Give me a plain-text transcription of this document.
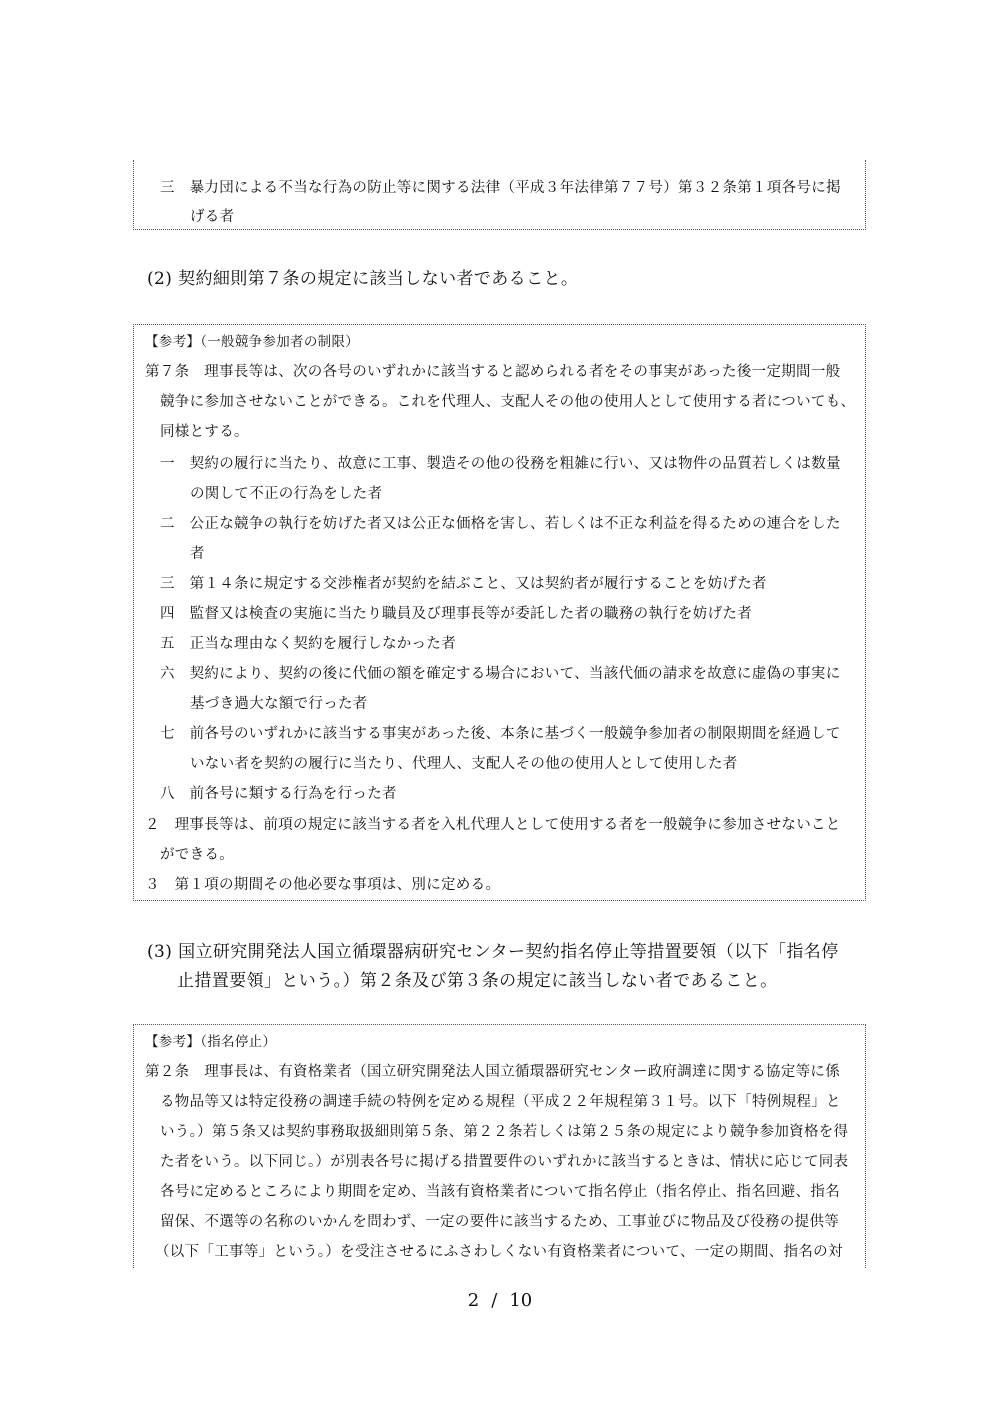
三　暴力団による不当な行為の防止等に関する法律（平成３年法律第７７号）第３２条第１項各号に掲
げる者
(2) 契約細則第７条の規定に該当しない者であること。
【参考】（一般競争参加者の制限）
第７条　理事長等は、次の各号のいずれかに該当すると認められる者をその事実があった後一定期間一般
競争に参加させないことができる。これを代理人、支配人その他の使用人として使用する者についても、
同様とする。
一　契約の履行に当たり、故意に工事、製造その他の役務を粗雑に行い、又は物件の品質若しくは数量
の関して不正の行為をした者
二　公正な競争の執行を妨げた者又は公正な価格を害し、若しくは不正な利益を得るための連合をした
者
三　第１４条に規定する交渉権者が契約を結ぶこと、又は契約者が履行することを妨げた者
四　監督又は検査の実施に当たり職員及び理事長等が委託した者の職務の執行を妨げた者
五　正当な理由なく契約を履行しなかった者
六　契約により、契約の後に代価の額を確定する場合において、当該代価の請求を故意に虚偽の事実に
基づき過大な額で行った者
七　前各号のいずれかに該当する事実があった後、本条に基づく一般競争参加者の制限期間を経過して
いない者を契約の履行に当たり、代理人、支配人その他の使用人として使用した者
八　前各号に類する行為を行った者
２　理事長等は、前項の規定に該当する者を入札代理人として使用する者を一般競争に参加させないこと
ができる。
３　第１項の期間その他必要な事項は、別に定める。
(3) 国立研究開発法人国立循環器病研究センター契約指名停止等措置要領（以下「指名停
止措置要領」という。）第２条及び第３条の規定に該当しない者であること。
【参考】（指名停止）
第２条　理事長は、有資格業者（国立研究開発法人国立循環器研究センター政府調達に関する協定等に係
る物品等又は特定役務の調達手続の特例を定める規程（平成２２年規程第３１号。以下「特例規程」と
いう。）第５条又は契約事務取扱細則第５条、第２２条若しくは第２５条の規定により競争参加資格を得
た者をいう。以下同じ。）が別表各号に掲げる措置要件のいずれかに該当するときは、情状に応じて同表
各号に定めるところにより期間を定め、当該有資格業者について指名停止（指名停止、指名回避、指名
留保、不選等の名称のいかんを問わず、一定の要件に該当するため、工事並びに物品及び役務の提供等
（以下「工事等」という。）を受注させるにふさわしくない有資格業者について、一定の期間、指名の対
2 / 10
